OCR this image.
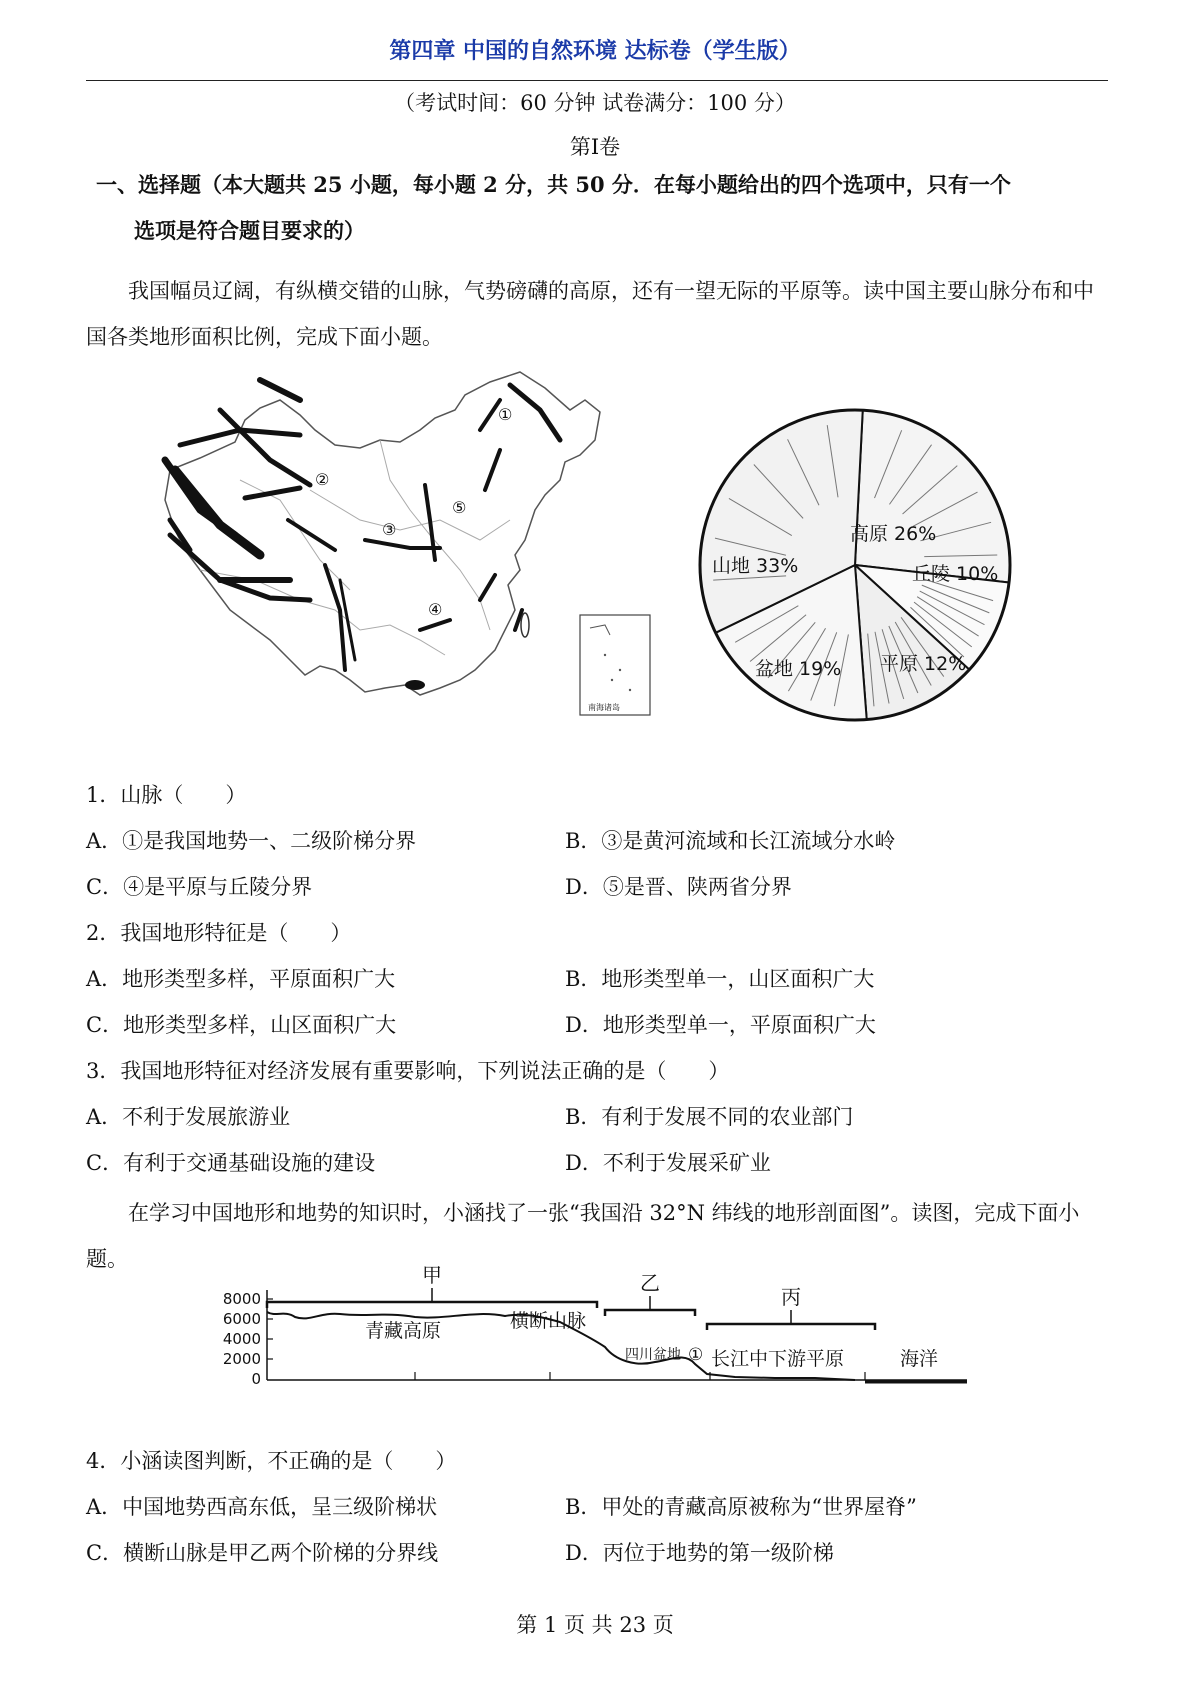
第四章 中国的自然环境 达标卷（学生版）
（考试时间：60 分钟 试卷满分：100 分）
第Ⅰ卷
一、选择题（本大题共 25 小题，每小题 2 分，共 50 分．在每小题给出的四个选项中，只有一个
选项是符合题目要求的）
我国幅员辽阔，有纵横交错的山脉，气势磅礴的高原，还有一望无际的平原等。读中国主要山脉分布和中国各类地形面积比例，完成下面小题。
①
②
③
④
⑤
南海诸岛
高原 26%
丘陵 10%
平原 12%
盆地 19%
山地 33%
1．山脉（　　）
A．①是我国地势一、二级阶梯分界	B．③是黄河流域和长江流域分水岭
C．④是平原与丘陵分界	D．⑤是晋、陕两省分界
2．我国地形特征是（　　）
A．地形类型多样，平原面积广大	B．地形类型单一，山区面积广大
C．地形类型多样，山区面积广大	D．地形类型单一，平原面积广大
3．我国地形特征对经济发展有重要影响，下列说法正确的是（　　）
A．不利于发展旅游业	B．有利于发展不同的农业部门
C．有利于交通基础设施的建设	D．不利于发展采矿业
在学习中国地形和地势的知识时，小涵找了一张“我国沿 32°N 纬线的地形剖面图”。读图，完成下面小题。
8000
6000
4000
2000
0
甲	乙
丙
青藏高原	横断山脉
四川盆地 ① 长江中下游平原	海洋
4．小涵读图判断，不正确的是（　　）
A．中国地势西高东低，呈三级阶梯状	B．甲处的青藏高原被称为“世界屋脊”
C．横断山脉是甲乙两个阶梯的分界线	D．丙位于地势的第一级阶梯
第 1 页 共 23 页
